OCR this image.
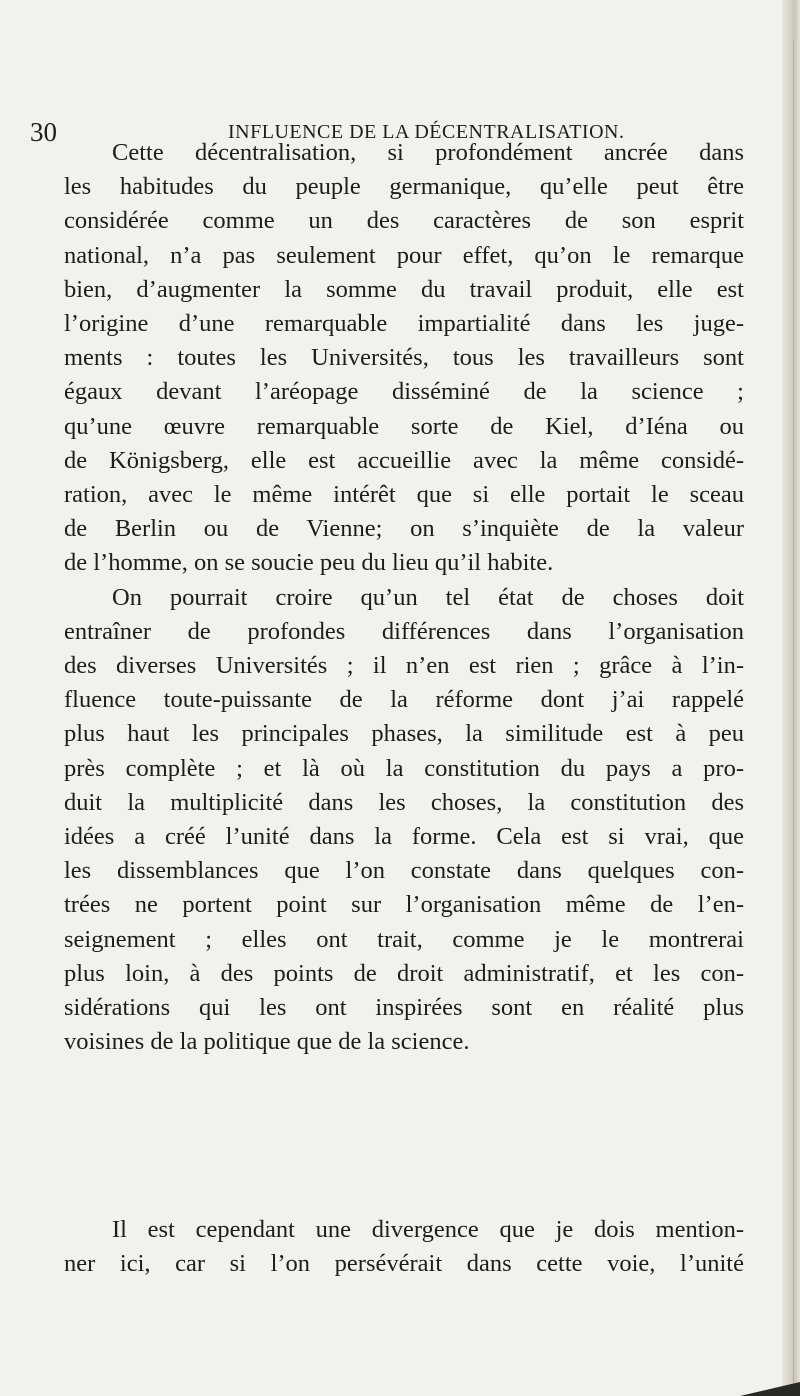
30	INFLUENCE DE LA DÉCENTRALISATION.
Cette décentralisation, si profondément ancrée dans
les habitudes du peuple germanique, qu’elle peut être
considérée comme un des caractères de son esprit
national, n’a pas seulement pour effet, qu’on le remarque
bien, d’augmenter la somme du travail produit, elle est
l’origine d’une remarquable impartialité dans les juge-
ments : toutes les Universités, tous les travailleurs sont
égaux devant l’aréopage disséminé de la science ;
qu’une œuvre remarquable sorte de Kiel, d’Iéna ou
de Königsberg, elle est accueillie avec la même considé-
ration, avec le même intérêt que si elle portait le sceau
de Berlin ou de Vienne; on s’inquiète de la valeur
de l’homme, on se soucie peu du lieu qu’il habite.
On pourrait croire qu’un tel état de choses doit
entraîner de profondes différences dans l’organisation
des diverses Universités ; il n’en est rien ; grâce à l’in-
fluence toute-puissante de la réforme dont j’ai rappelé
plus haut les principales phases, la similitude est à peu
près complète ; et là où la constitution du pays a pro-
duit la multiplicité dans les choses, la constitution des
idées a créé l’unité dans la forme. Cela est si vrai, que
les dissemblances que l’on constate dans quelques con-
trées ne portent point sur l’organisation même de l’en-
seignement ; elles ont trait, comme je le montrerai
plus loin, à des points de droit administratif, et les con-
sidérations qui les ont inspirées sont en réalité plus
voisines de la politique que de la science.
Il est cependant une divergence que je dois mention-
ner ici, car si l’on persévérait dans cette voie, l’unité
